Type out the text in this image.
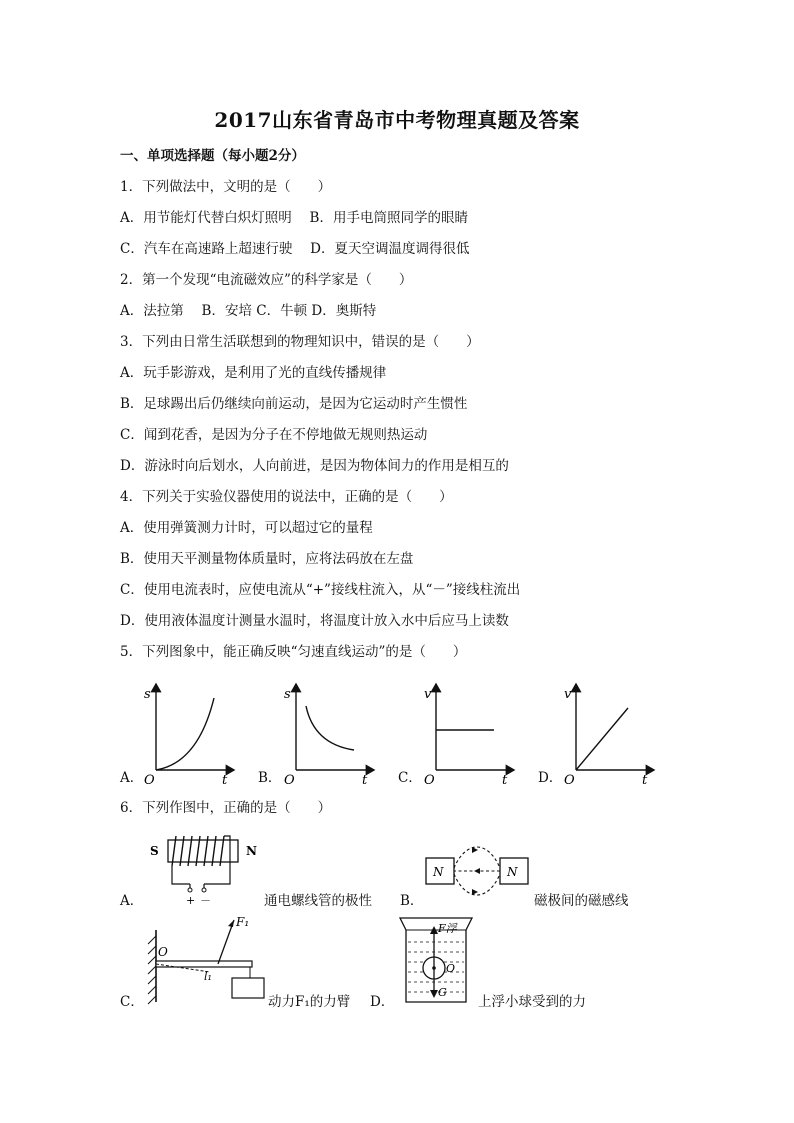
2017山东省青岛市中考物理真题及答案
一、单项选择题（每小题2分）
1．下列做法中，文明的是（　　）
A．用节能灯代替白炽灯照明　 B．用手电筒照同学的眼睛
C．汽车在高速路上超速行驶　 D．夏天空调温度调得很低
2．第一个发现“电流磁效应”的科学家是（　　）
A．法拉第　 B．安培 C．牛顿 D．奥斯特
3．下列由日常生活联想到的物理知识中，错误的是（　　）
A．玩手影游戏，是利用了光的直线传播规律
B．足球踢出后仍继续向前运动，是因为它运动时产生惯性
C．闻到花香，是因为分子在不停地做无规则热运动
D．游泳时向后划水，人向前进，是因为物体间力的作用是相互的
4．下列关于实验仪器使用的说法中，正确的是（　　）
A．使用弹簧测力计时，可以超过它的量程
B．使用天平测量物体质量时，应将法码放在左盘
C．使用电流表时，应使电流从“+”接线柱流入，从“－”接线柱流出
D．使用液体温度计测量水温时，将温度计放入水中后应马上读数
5．下列图象中，能正确反映“匀速直线运动”的是（　　）
A．
s
t
O	B．
s
t
O	C．
v
t
O	D．
v
t
O
6．下列作图中，正确的是（　　）
A．
S	N
+ －	通电螺线管的极性 B．
N	N
磁极间的磁感线
C．
O
F₁
l₁
动力F₁的力臂 D．
F浮
O
G
上浮小球受到的力
